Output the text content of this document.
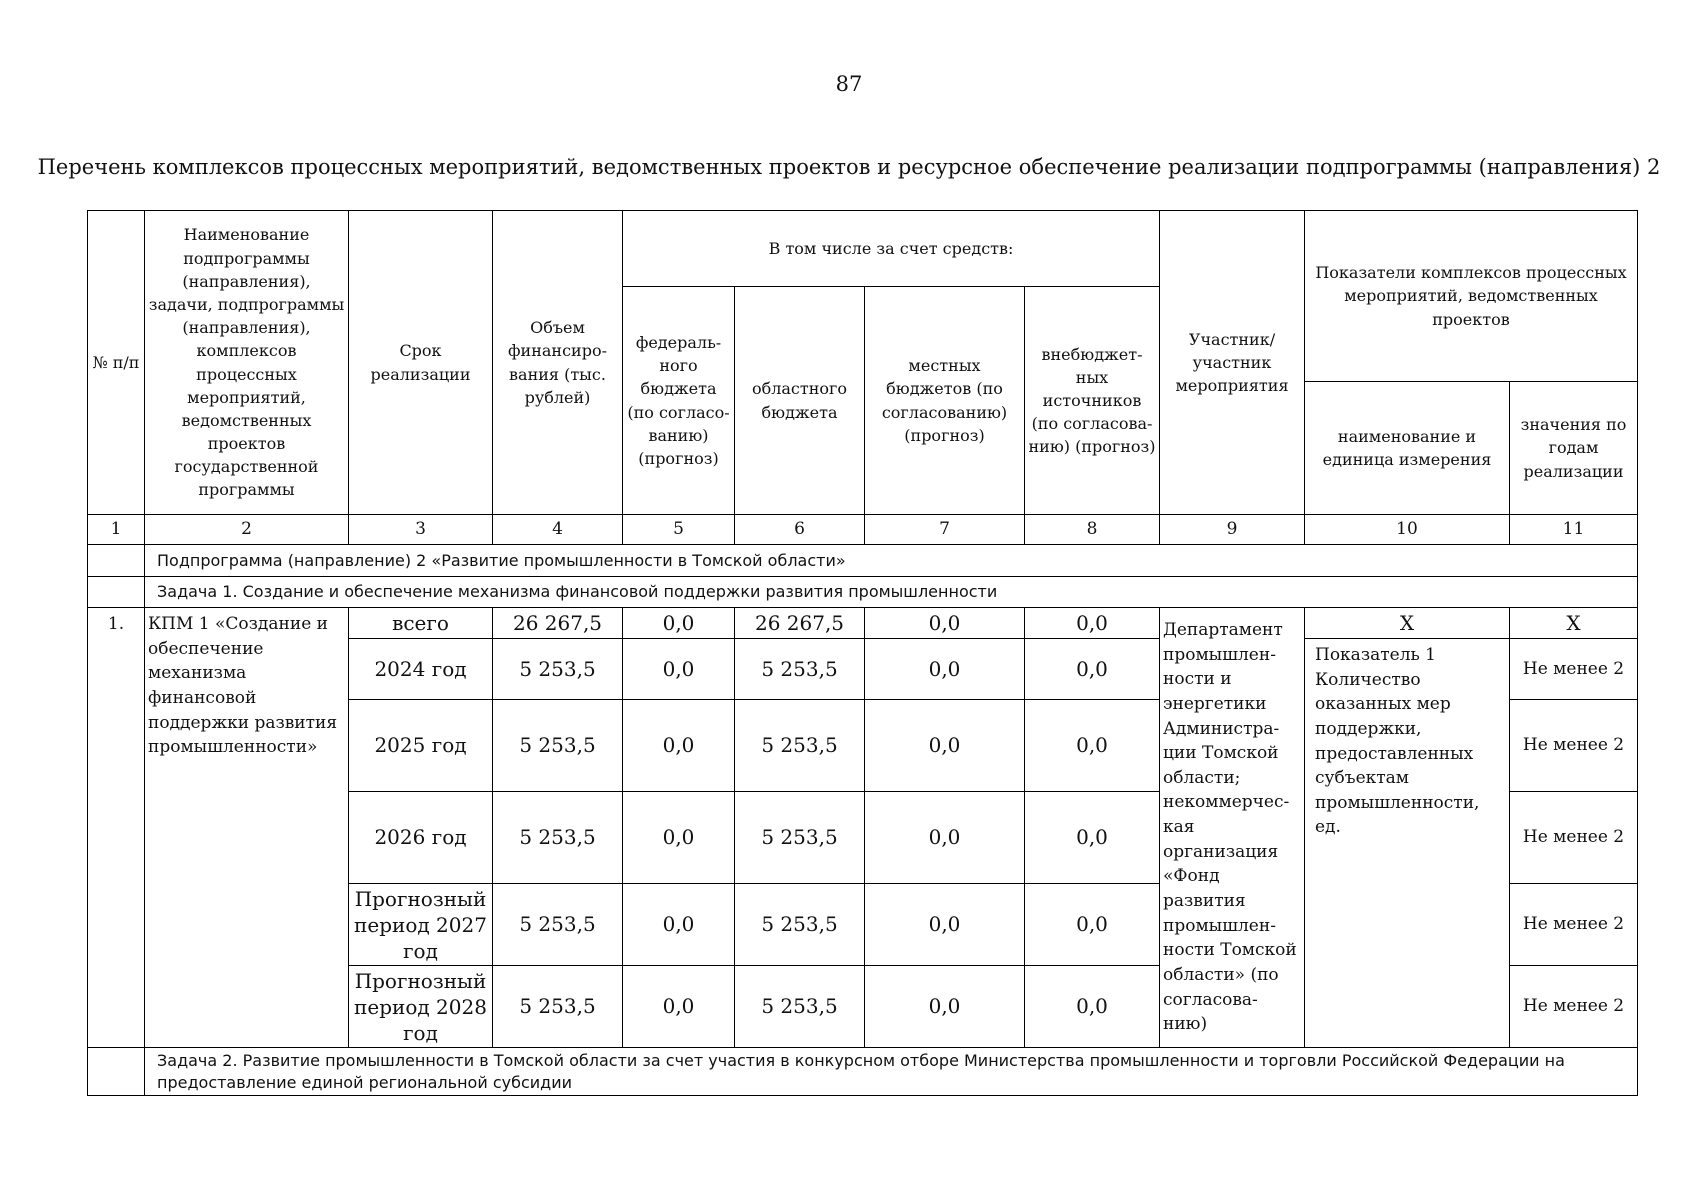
87
Перечень комплексов процессных мероприятий, ведомственных проектов и ресурсное обеспечение реализации подпрограммы (направления) 2
№ п/п	Наименование подпрограммы (направления), задачи, подпрограммы (направления), комплексов процессных мероприятий, ведомственных проектов государственной программы	Срок реализации	Объем финансиро-вания (тыс. рублей)	В том числе за счет средств:				Участник/ участник мероприятия	Показатели комплексов процессных мероприятий, ведомственных проектов	
				федераль-ного бюджета (по согласо-ванию) (прогноз)	областного бюджета	местных бюджетов (по согласованию) (прогноз)	внебюджет-ных источников (по согласова-нию) (прогноз)			
									наименование и единица измерения	значения по годам реализации
1	2	3	4	5	6	7	8	9	10	11
	Подпрограмма (направление) 2 «Развитие промышленности в Томской области»									
	Задача 1. Создание и обеспечение механизма финансовой поддержки развития промышленности									
1.	КПМ 1 «Создание и обеспечение механизма финансовой поддержки развития промышленности»	всего	26 267,5	0,0	26 267,5	0,0	0,0	Департамент промышлен-ности и энергетики Администра-ции Томской области; некоммерчес-кая организация «Фонд развития промышлен-ности Томской области» (по согласова-нию)	X	X
		2024 год	5 253,5	0,0	5 253,5	0,0	0,0		Показатель 1 Количество оказанных мер поддержки, предоставленных субъектам промышленности, ед.	Не менее 2
		2025 год	5 253,5	0,0	5 253,5	0,0	0,0			Не менее 2
		2026 год	5 253,5	0,0	5 253,5	0,0	0,0			Не менее 2
		Прогнозный период 2027 год	5 253,5	0,0	5 253,5	0,0	0,0			Не менее 2
		Прогнозный период 2028 год	5 253,5	0,0	5 253,5	0,0	0,0			Не менее 2
	Задача 2. Развитие промышленности в Томской области за счет участия в конкурсном отборе Министерства промышленности и торговли Российской Федерации на предоставление единой региональной субсидии									
